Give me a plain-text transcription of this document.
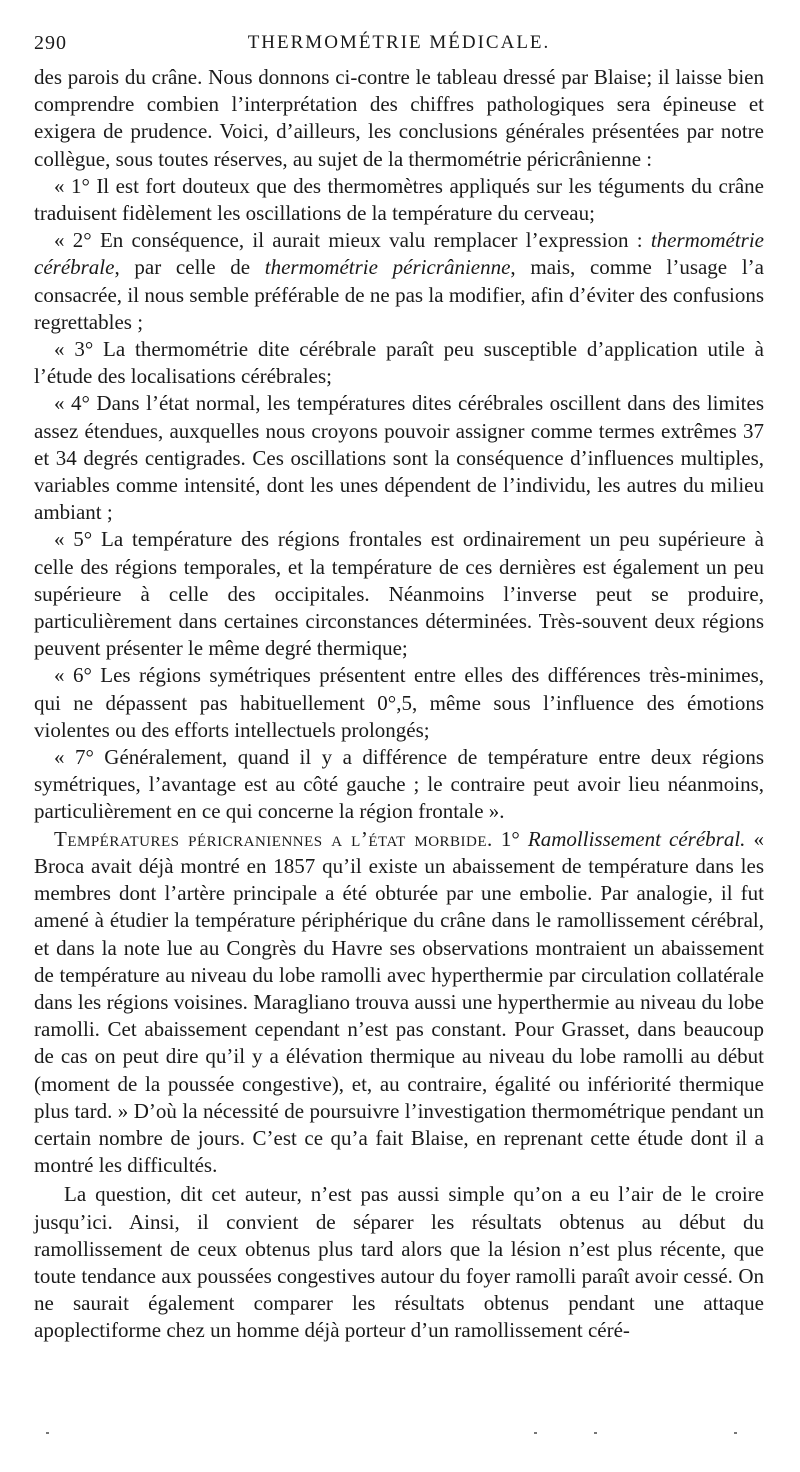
290	THERMOMÉTRIE MÉDICALE.

des parois du crâne. Nous donnons ci-contre le tableau dressé par Blaise; il laisse bien comprendre combien l’interprétation des chiffres pathologiques sera épineuse et exigera de prudence. Voici, d’ailleurs, les conclusions générales présentées par notre collègue, sous toutes réserves, au sujet de la thermométrie péricrânienne :

« 1° Il est fort douteux que des thermomètres appliqués sur les téguments du crâne traduisent fidèlement les oscillations de la température du cerveau;

« 2° En conséquence, il aurait mieux valu remplacer l’expression : thermométrie cérébrale, par celle de thermométrie péricrânienne, mais, comme l’usage l’a consacrée, il nous semble préférable de ne pas la modifier, afin d’éviter des confusions regrettables ;

« 3° La thermométrie dite cérébrale paraît peu susceptible d’application utile à l’étude des localisations cérébrales;

« 4° Dans l’état normal, les températures dites cérébrales oscillent dans des limites assez étendues, auxquelles nous croyons pouvoir assigner comme termes extrêmes 37 et 34 degrés centigrades. Ces oscillations sont la conséquence d’influences multiples, variables comme intensité, dont les unes dépendent de l’individu, les autres du milieu ambiant ;

« 5° La température des régions frontales est ordinairement un peu supérieure à celle des régions temporales, et la température de ces dernières est également un peu supérieure à celle des occipitales. Néanmoins l’inverse peut se produire, particulièrement dans certaines circonstances déterminées. Très-souvent deux régions peuvent présenter le même degré thermique;

« 6° Les régions symétriques présentent entre elles des différences très-minimes, qui ne dépassent pas habituellement 0°,5, même sous l’influence des émotions violentes ou des efforts intellectuels prolongés;

« 7° Généralement, quand il y a différence de température entre deux régions symétriques, l’avantage est au côté gauche ; le contraire peut avoir lieu néanmoins, particulièrement en ce qui concerne la région frontale ».

Températures péricraniennes a l’état morbide. 1° Ramollissement cérébral. « Broca avait déjà montré en 1857 qu’il existe un abaissement de température dans les membres dont l’artère principale a été obturée par une embolie. Par analogie, il fut amené à étudier la température périphérique du crâne dans le ramollissement cérébral, et dans la note lue au Congrès du Havre ses observations montraient un abaissement de température au niveau du lobe ramolli avec hyperthermie par circulation collatérale dans les régions voisines. Maragliano trouva aussi une hyperthermie au niveau du lobe ramolli. Cet abaissement cependant n’est pas constant. Pour Grasset, dans beaucoup de cas on peut dire qu’il y a élévation thermique au niveau du lobe ramolli au début (moment de la poussée congestive), et, au contraire, égalité ou infériorité thermique plus tard. » D’où la nécessité de poursuivre l’investigation thermométrique pendant un certain nombre de jours. C’est ce qu’a fait Blaise, en reprenant cette étude dont il a montré les difficultés.

La question, dit cet auteur, n’est pas aussi simple qu’on a eu l’air de le croire jusqu’ici. Ainsi, il convient de séparer les résultats obtenus au début du ramollissement de ceux obtenus plus tard alors que la lésion n’est plus récente, que toute tendance aux poussées congestives autour du foyer ramolli paraît avoir cessé. On ne saurait également comparer les résultats obtenus pendant une attaque apoplectiforme chez un homme déjà porteur d’un ramollissement céré-
